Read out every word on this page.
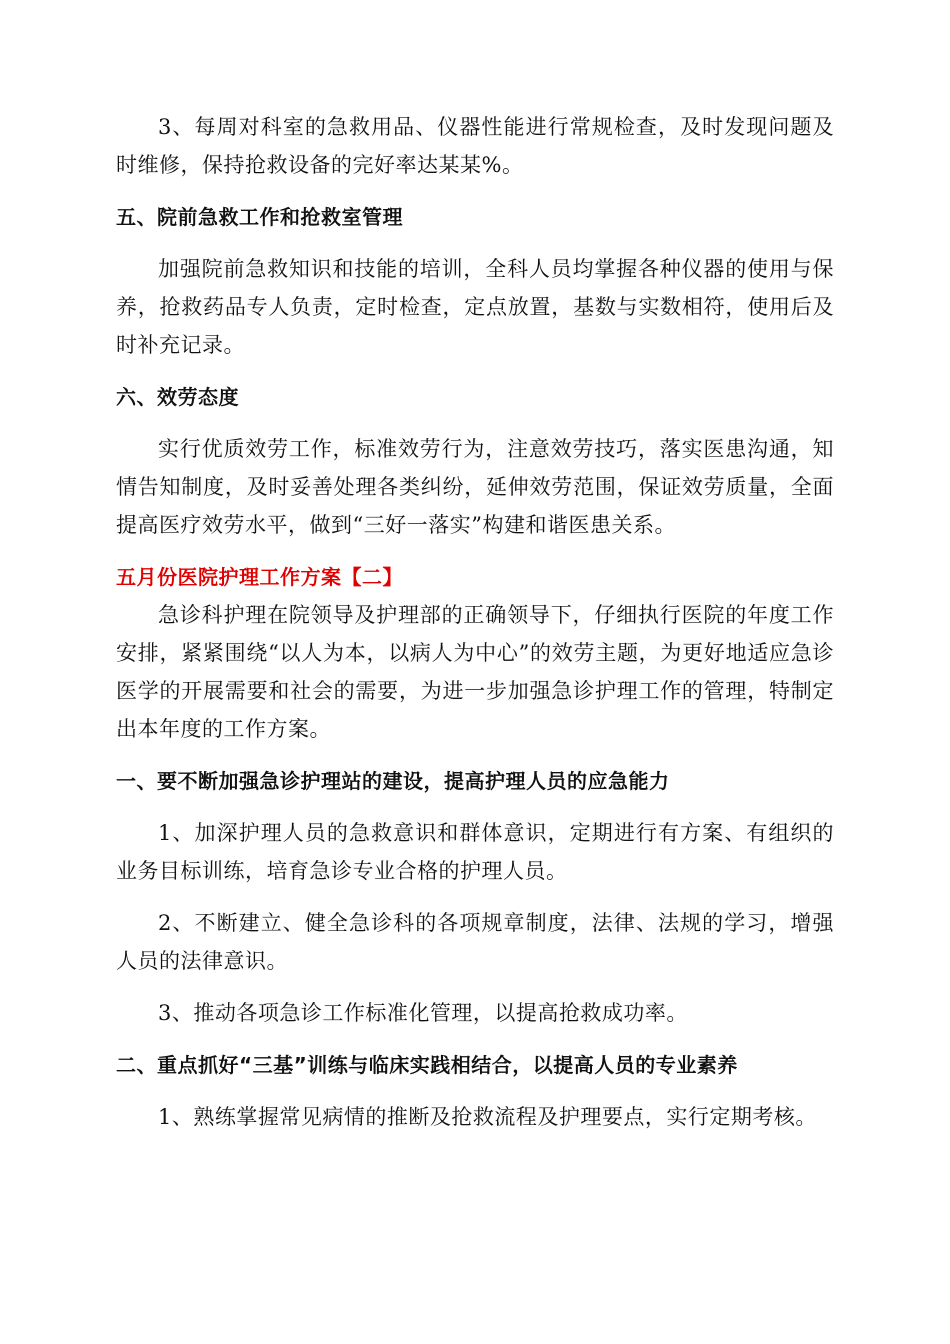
3、每周对科室的急救用品、仪器性能进行常规检查，及时发现问题及时维修，保持抢救设备的完好率达某某%。

五、院前急救工作和抢救室管理

加强院前急救知识和技能的培训，全科人员均掌握各种仪器的使用与保养，抢救药品专人负责，定时检查，定点放置，基数与实数相符，使用后及时补充记录。

六、效劳态度

实行优质效劳工作，标准效劳行为，注意效劳技巧，落实医患沟通，知情告知制度，及时妥善处理各类纠纷，延伸效劳范围，保证效劳质量，全面提高医疗效劳水平，做到“三好一落实”构建和谐医患关系。

五月份医院护理工作方案【二】

急诊科护理在院领导及护理部的正确领导下，仔细执行医院的年度工作安排，紧紧围绕“以人为本，以病人为中心”的效劳主题，为更好地适应急诊医学的开展需要和社会的需要，为进一步加强急诊护理工作的管理，特制定出本年度的工作方案。

一、要不断加强急诊护理站的建设，提高护理人员的应急能力

1、加深护理人员的急救意识和群体意识，定期进行有方案、有组织的业务目标训练，培育急诊专业合格的护理人员。

2、不断建立、健全急诊科的各项规章制度，法律、法规的学习，增强人员的法律意识。

3、推动各项急诊工作标准化管理，以提高抢救成功率。

二、重点抓好“三基”训练与临床实践相结合，以提高人员的专业素养

1、熟练掌握常见病情的推断及抢救流程及护理要点，实行定期考核。
